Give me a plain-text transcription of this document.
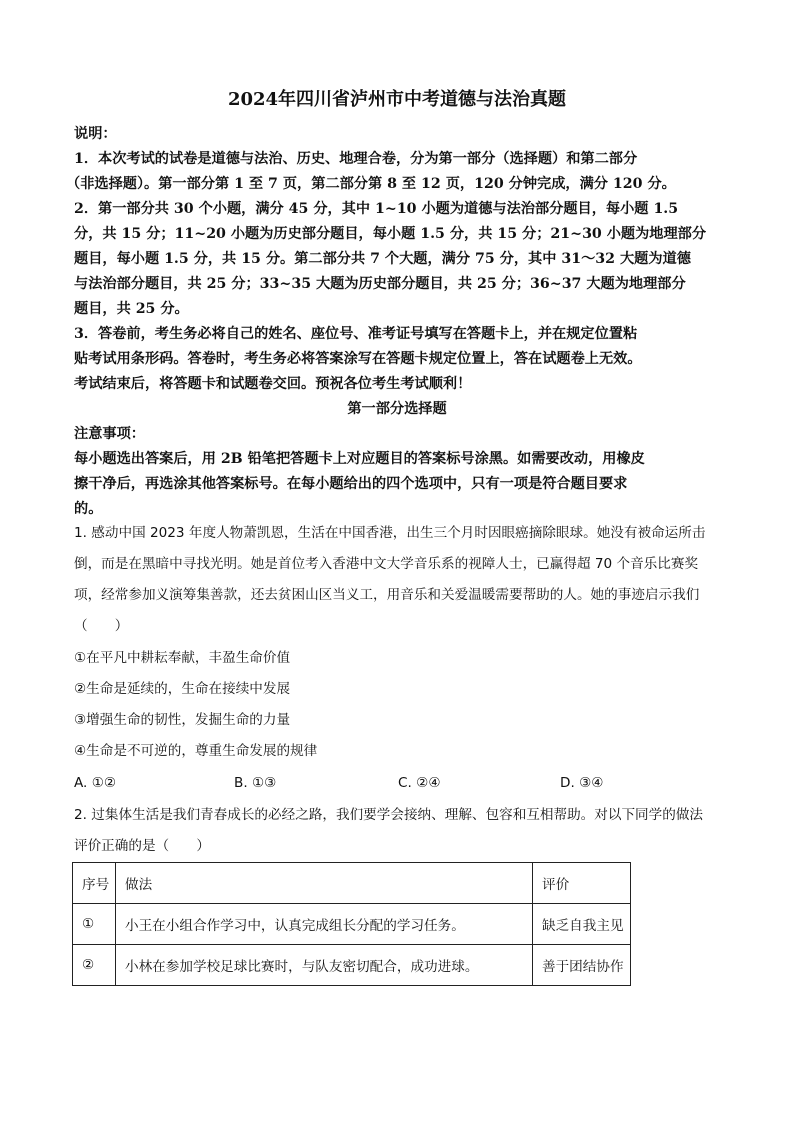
2024年四川省泸州市中考道德与法治真题
说明：
1．本次考试的试卷是道德与法治、历史、地理合卷，分为第一部分（选择题）和第二部分
（非选择题）。第一部分第 1 至 7 页，第二部分第 8 至 12 页，120 分钟完成，满分 120 分。
2．第一部分共 30 个小题，满分 45 分，其中 1~10 小题为道德与法治部分题目，每小题 1.5
分，共 15 分；11~20 小题为历史部分题目，每小题 1.5 分，共 15 分；21~30 小题为地理部分
题目，每小题 1.5 分，共 15 分。第二部分共 7 个大题，满分 75 分，其中 31～32 大题为道德
与法治部分题目，共 25 分；33~35 大题为历史部分题目，共 25 分；36~37 大题为地理部分
题目，共 25 分。
3．答卷前，考生务必将自己的姓名、座位号、准考证号填写在答题卡上，并在规定位置粘
贴考试用条形码。答卷时，考生务必将答案涂写在答题卡规定位置上，答在试题卷上无效。
考试结束后，将答题卡和试题卷交回。预祝各位考生考试顺利！
第一部分选择题
注意事项：
每小题选出答案后，用 2B 铅笔把答题卡上对应题目的答案标号涂黑。如需要改动，用橡皮
擦干净后，再选涂其他答案标号。在每小题给出的四个选项中，只有一项是符合题目要求
的。
1. 感动中国 2023 年度人物萧凯恩，生活在中国香港，出生三个月时因眼癌摘除眼球。她没有被命运所击
倒，而是在黑暗中寻找光明。她是首位考入香港中文大学音乐系的视障人士，已赢得超 70 个音乐比赛奖
项，经常参加义演筹集善款，还去贫困山区当义工，用音乐和关爱温暖需要帮助的人。她的事迹启示我们
（　　）
①在平凡中耕耘奉献，丰盈生命价值
②生命是延续的，生命在接续中发展
③增强生命的韧性，发掘生命的力量
④生命是不可逆的，尊重生命发展的规律
A. ①②	B. ①③	C. ②④	D. ③④
2. 过集体生活是我们青春成长的必经之路，我们要学会接纳、理解、包容和互相帮助。对以下同学的做法
评价正确的是（　　）
序号	做法	评价
①	小王在小组合作学习中，认真完成组长分配的学习任务。	缺乏自我主见
②	小林在参加学校足球比赛时，与队友密切配合，成功进球。	善于团结协作
